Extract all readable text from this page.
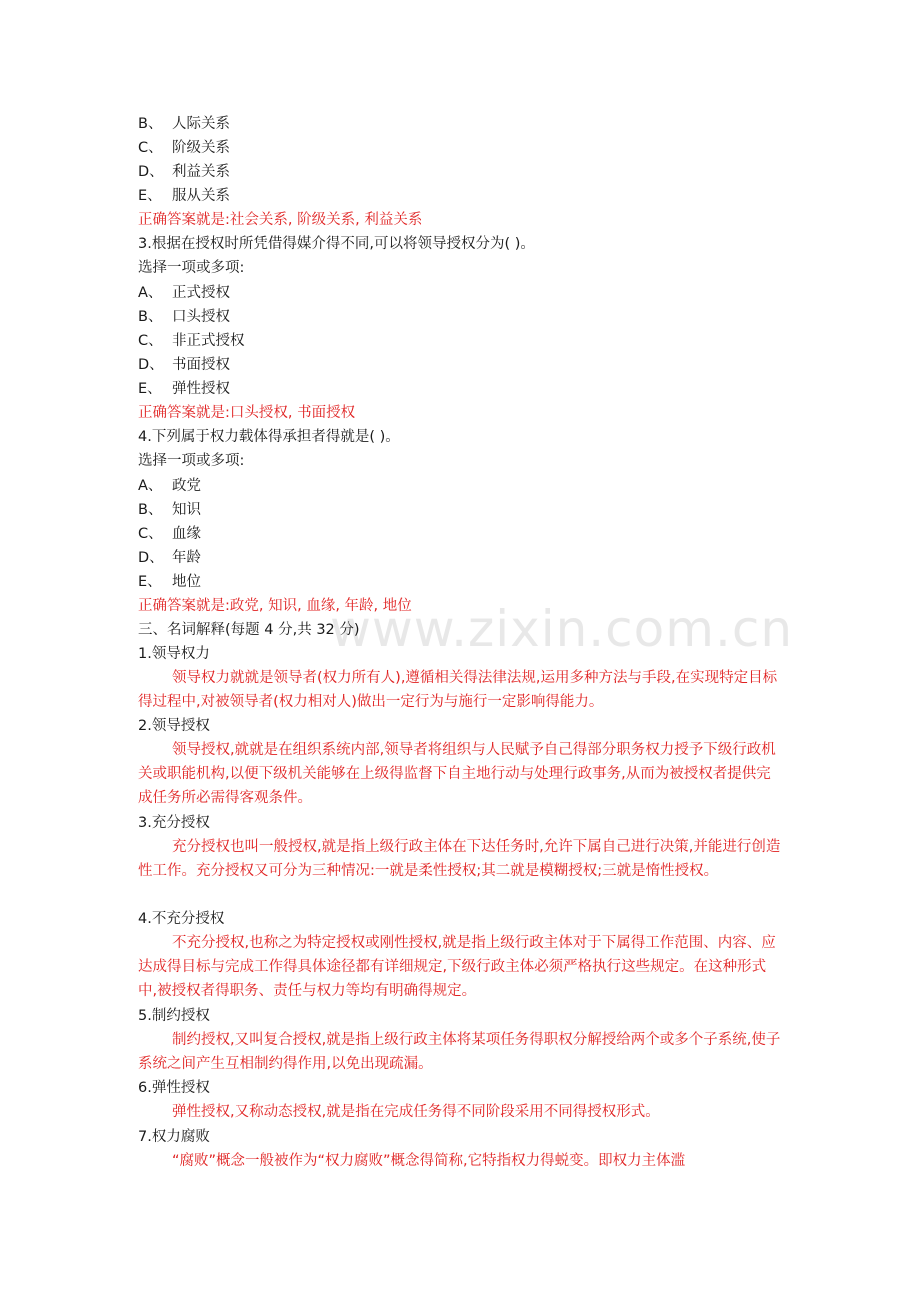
www.zixin.com.cn
B、 人际关系
C、 阶级关系
D、 利益关系
E、 服从关系
正确答案就是:社会关系, 阶级关系, 利益关系
3.根据在授权时所凭借得媒介得不同,可以将领导授权分为( )。
选择一项或多项:
A、 正式授权
B、 口头授权
C、 非正式授权
D、 书面授权
E、 弹性授权
正确答案就是:口头授权, 书面授权
4.下列属于权力载体得承担者得就是( )。
选择一项或多项:
A、 政党
B、 知识
C、 血缘
D、 年龄
E、 地位
正确答案就是:政党, 知识, 血缘, 年龄, 地位
三、名词解释(每题 4 分,共 32 分)
1.领导权力
领导权力就就是领导者(权力所有人),遵循相关得法律法规,运用多种方法与手段,在实现特定目标得过程中,对被领导者(权力相对人)做出一定行为与施行一定影响得能力。
2.领导授权
领导授权,就就是在组织系统内部,领导者将组织与人民赋予自己得部分职务权力授予下级行政机关或职能机构,以便下级机关能够在上级得监督下自主地行动与处理行政事务,从而为被授权者提供完成任务所必需得客观条件。
3.充分授权
充分授权也叫一般授权,就是指上级行政主体在下达任务时,允许下属自己进行决策,并能进行创造性工作。充分授权又可分为三种情况:一就是柔性授权;其二就是模糊授权;三就是惰性授权。
4.不充分授权
不充分授权,也称之为特定授权或刚性授权,就是指上级行政主体对于下属得工作范围、内容、应达成得目标与完成工作得具体途径都有详细规定,下级行政主体必须严格执行这些规定。在这种形式中,被授权者得职务、责任与权力等均有明确得规定。
5.制约授权
制约授权,又叫复合授权,就是指上级行政主体将某项任务得职权分解授给两个或多个子系统,使子系统之间产生互相制约得作用,以免出现疏漏。
6.弹性授权
弹性授权,又称动态授权,就是指在完成任务得不同阶段采用不同得授权形式。
7.权力腐败
“腐败”概念一般被作为“权力腐败”概念得简称,它特指权力得蜕变。即权力主体滥
